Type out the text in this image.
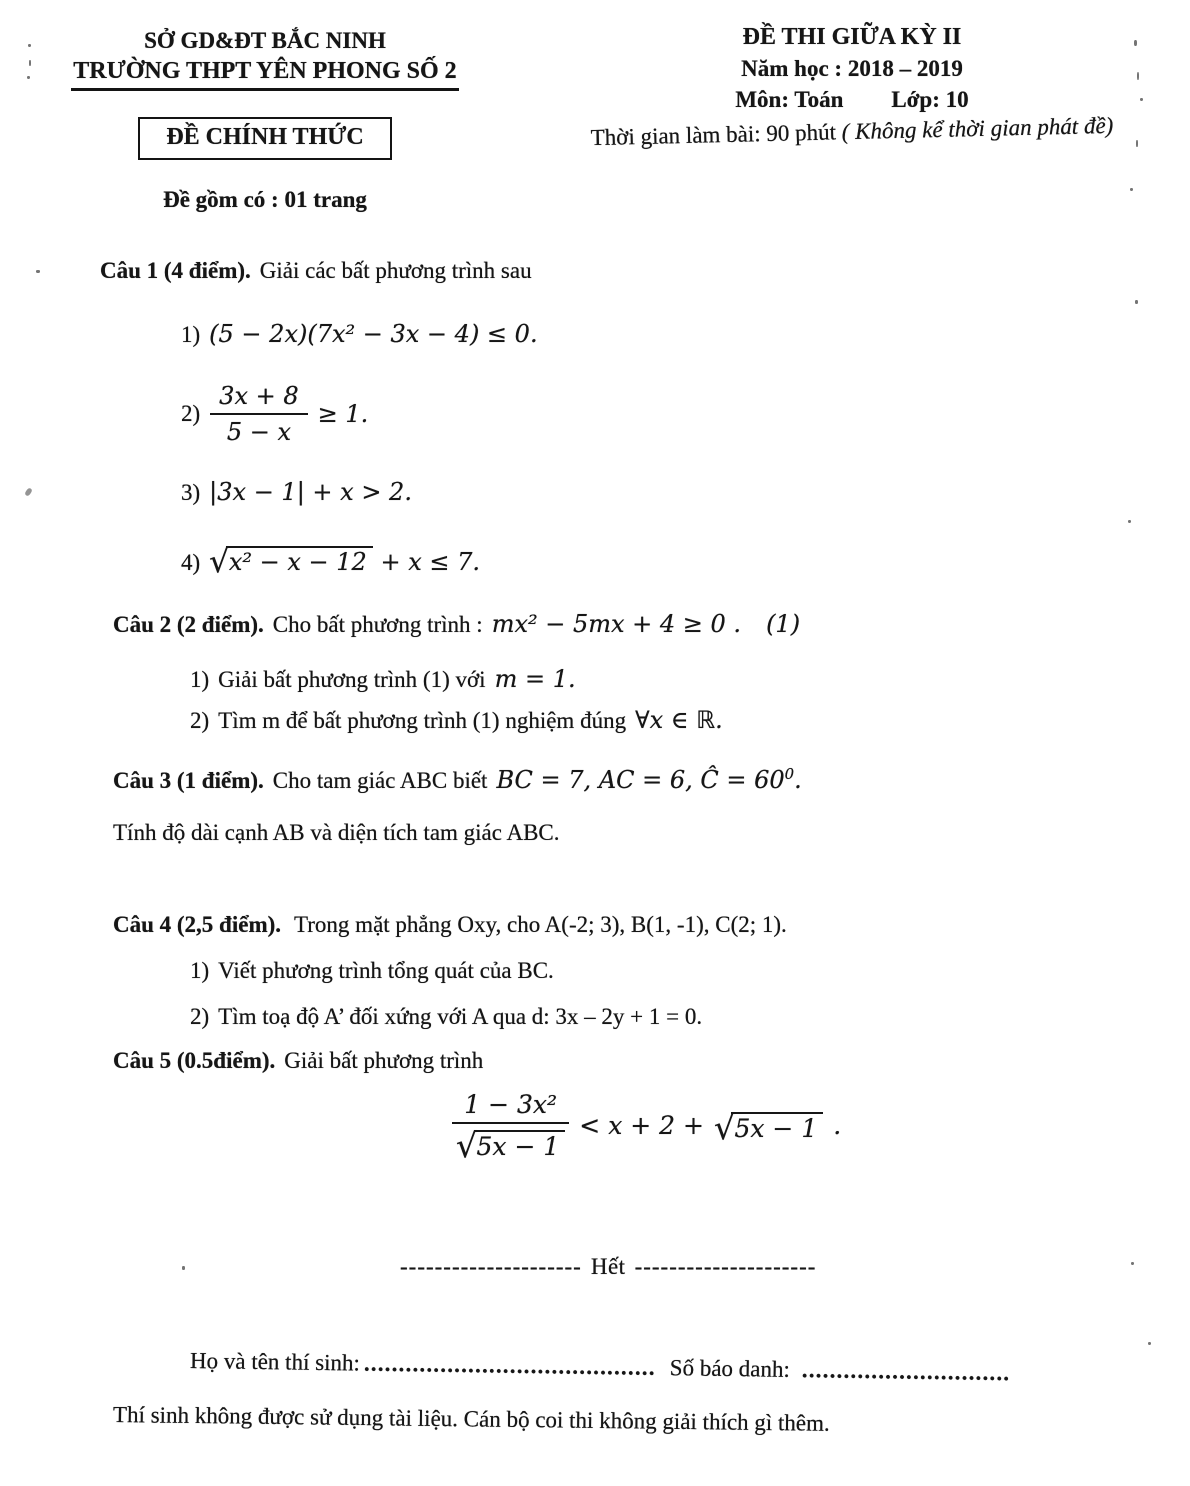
SỞ GD&ĐT BẮC NINH
TRƯỜNG THPT YÊN PHONG SỐ 2
ĐỀ CHÍNH THỨC
Đề gồm có : 01 trang
ĐỀ THI GIỮA KỲ II
Năm học : 2018 – 2019
Môn: Toán Lớp: 10
Thời gian làm bài: 90 phút ( Không kể thời gian phát đề)
Câu 1 (4 điểm). Giải các bất phương trình sau
1) (5 − 2x)(7x² − 3x − 4) ≤ 0.
$2) \frac{3x + 8}{5 - x} \ge 1$.
3) |3x − 1| + x > 2.
4) √x² − x − 12 + x ≤ 7.
Câu 2 (2 điểm). Cho bất phương trình : mx² − 5mx + 4 ≥ 0 . (1)
1) Giải bất phương trình (1) với m = 1.
2) Tìm m để bất phương trình (1) nghiệm đúng ∀x ∈ ℝ.
Câu 3 (1 điểm). Cho tam giác ABC biết BC = 7, AC = 6, Ĉ = $60^0$.
Tính độ dài cạnh AB và diện tích tam giác ABC.
Câu 4 (2,5 điểm). Trong mặt phẳng Oxy, cho A(-2; 3), B(1, -1), C(2; 1).
1) Viết phương trình tổng quát của BC.
2) Tìm toạ độ A’ đối xứng với A qua d: 3x – 2y + 1 = 0.
Câu 5 (0.5điểm). Giải bất phương trình
$\frac{\text{1 − 3x²}}{√5x - 1} < x + 2 + √5x - 1$ .
--------------------- Hết ---------------------
Họ và tên thí sinh: .......................................... Số báo danh: ..............................
Thí sinh không được sử dụng tài liệu. Cán bộ coi thi không giải thích gì thêm.
